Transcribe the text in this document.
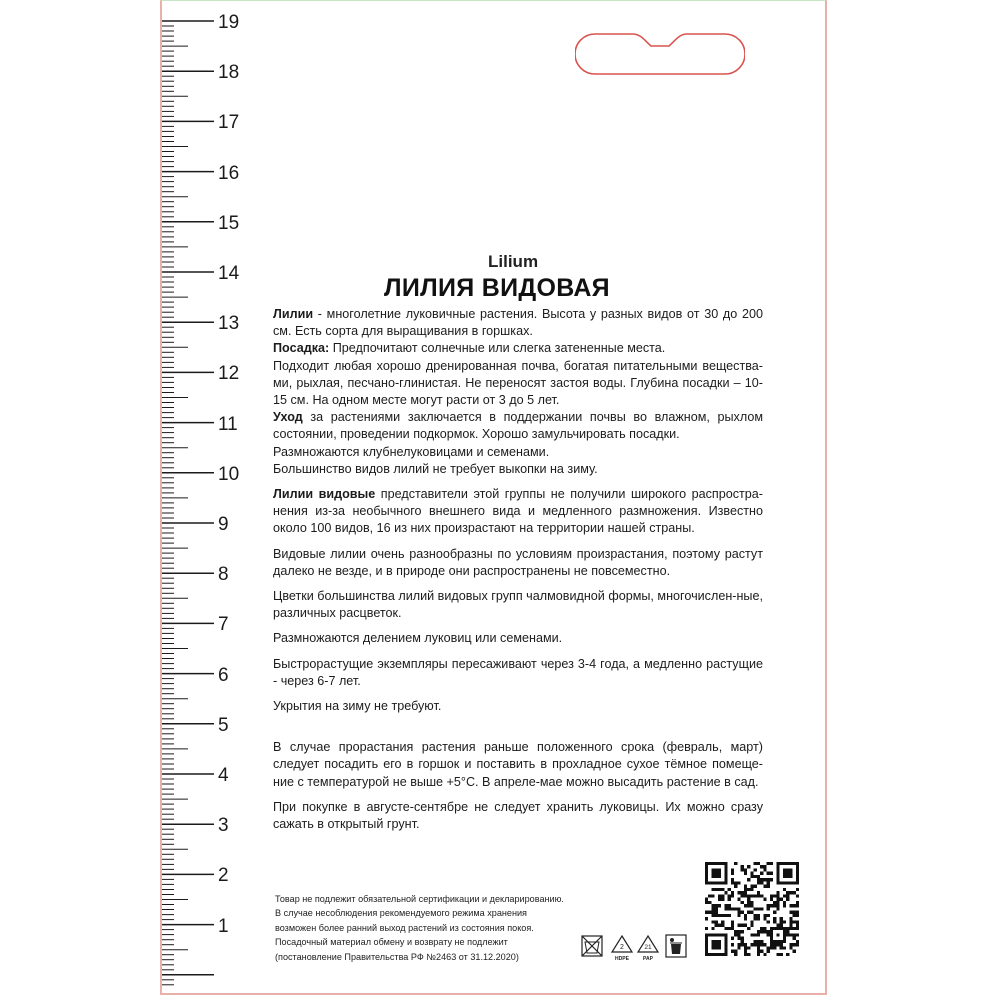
19
18
17
16
15
14
13
12
11
10
9
8
7
6
5
4
3
2
1
Lilium
ЛИЛИЯ ВИДОВАЯ

Лилии - многолетние луковичные растения. Высота у разных видов от 30 до 200 см. Есть сорта для выращивания в горшках.

Посадка: Предпочитают солнечные или слегка затененные места.

Подходит любая хорошо дренированная почва, богатая питательными вещества-ми, рыхлая, песчано-глинистая. Не переносят застоя воды. Глубина посадки – 10-15 см. На одном месте могут расти от 3 до 5 лет.

Уход за растениями заключается в поддержании почвы во влажном, рыхлом состоянии, проведении подкормок. Хорошо замульчировать посадки.

Размножаются клубнелуковицами и семенами.

Большинство видов лилий не требует выкопки на зиму.

Лилии видовые представители этой группы не получили широкого распростра-нения из-за необычного внешнего вида и медленного размножения. Известно около 100 видов, 16 из них произрастают на территории нашей страны.

Видовые лилии очень разнообразны по условиям произрастания, поэтому растут далеко не везде, и в природе они распространены не повсеместно.

Цветки большинства лилий видовых групп чалмовидной формы, многочислен-ные, различных расцветок.

Размножаются делением луковиц или семенами.

Быстрорастущие экземпляры пересаживают через 3-4 года, а медленно растущие - через 6-7 лет.

Укрытия на зиму не требуют.

В случае прорастания растения раньше положенного срока (февраль, март) следует посадить его в горшок и поставить в прохладное сухое тёмное помеще-ние с температурой не выше +5°С. В апреле-мае можно высадить растение в сад.

При покупке в августе-сентябре не следует хранить луковицы. Их можно сразу сажать в открытый грунт.

Товар не подлежит обязательной сертификации и декларированию.

В случае несоблюдения рекомендуемого режима хранения

возможен более ранний выход растений из состояния покоя.

Посадочный материал обмену и возврату не подлежит

(постановление Правительства РФ №2463 от 31.12.2020)

2
HDPE
21
PAP
